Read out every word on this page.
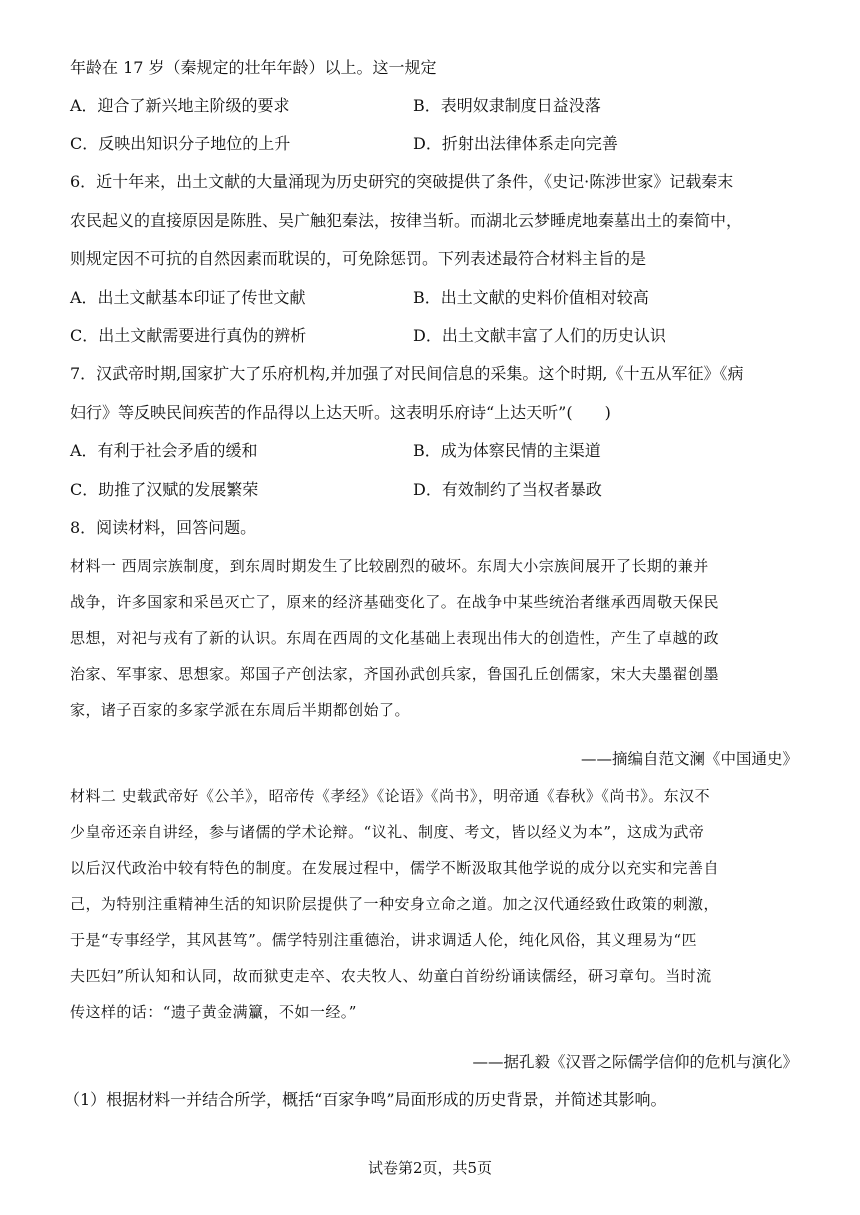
年龄在 17 岁（秦规定的壮年年龄）以上。这一规定
A．迎合了新兴地主阶级的要求	B．表明奴隶制度日益没落
C．反映出知识分子地位的上升	D．折射出法律体系走向完善
6．近十年来，出土文献的大量涌现为历史研究的突破提供了条件，《史记·陈涉世家》记载秦末
农民起义的直接原因是陈胜、吴广触犯秦法，按律当斩。而湖北云梦睡虎地秦墓出土的秦简中，
则规定因不可抗的自然因素而耽误的，可免除惩罚。下列表述最符合材料主旨的是
A．出土文献基本印证了传世文献	B．出土文献的史料价值相对较高
C．出土文献需要进行真伪的辨析	D．出土文献丰富了人们的历史认识
7．汉武帝时期,国家扩大了乐府机构,并加强了对民间信息的采集。这个时期,《十五从军征》《病
妇行》等反映民间疾苦的作品得以上达天听。这表明乐府诗“上达天听”(　　)
A．有利于社会矛盾的缓和	B．成为体察民情的主渠道
C．助推了汉赋的发展繁荣	D．有效制约了当权者暴政
8．阅读材料，回答问题。
材料一 西周宗族制度，到东周时期发生了比较剧烈的破坏。东周大小宗族间展开了长期的兼并
战争，许多国家和采邑灭亡了，原来的经济基础变化了。在战争中某些统治者继承西周敬天保民
思想，对祀与戎有了新的认识。东周在西周的文化基础上表现出伟大的创造性，产生了卓越的政
治家、军事家、思想家。郑国子产创法家，齐国孙武创兵家，鲁国孔丘创儒家，宋大夫墨翟创墨
家，诸子百家的多家学派在东周后半期都创始了。
——摘编自范文澜《中国通史》
材料二 史载武帝好《公羊》，昭帝传《孝经》《论语》《尚书》，明帝通《春秋》《尚书》。东汉不
少皇帝还亲自讲经，参与诸儒的学术论辩。“议礼、制度、考文，皆以经义为本”，这成为武帝
以后汉代政治中较有特色的制度。在发展过程中，儒学不断汲取其他学说的成分以充实和完善自
己，为特别注重精神生活的知识阶层提供了一种安身立命之道。加之汉代通经致仕政策的刺激，
于是“专事经学，其风甚笃”。儒学特别注重德治，讲求调适人伦，纯化风俗，其义理易为“匹
夫匹妇”所认知和认同，故而狱吏走卒、农夫牧人、幼童白首纷纷诵读儒经，研习章句。当时流
传这样的话：“遗子黄金满籯，不如一经。”
——据孔毅《汉晋之际儒学信仰的危机与演化》
（1）根据材料一并结合所学，概括“百家争鸣”局面形成的历史背景，并简述其影响。
试卷第2页，共5页
